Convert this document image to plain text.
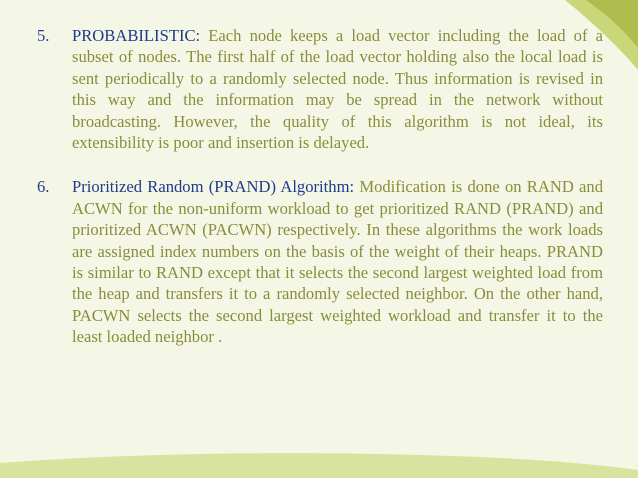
5. PROBABILISTIC: Each node keeps a load vector including the load of a subset of nodes. The first half of the load vector holding also the local load is sent periodically to a randomly selected node. Thus information is revised in this way and the information may be spread in the network without broadcasting. However, the quality of this algorithm is not ideal, its extensibility is poor and insertion is delayed.
6. Prioritized Random (PRAND) Algorithm: Modification is done on RAND and ACWN for the non-uniform workload to get prioritized RAND (PRAND) and prioritized ACWN (PACWN) respectively. In these algorithms the work loads are assigned index numbers on the basis of the weight of their heaps. PRAND is similar to RAND except that it selects the second largest weighted load from the heap and transfers it to a randomly selected neighbor. On the other hand, PACWN selects the second largest weighted workload and transfer it to the least loaded neighbor .
